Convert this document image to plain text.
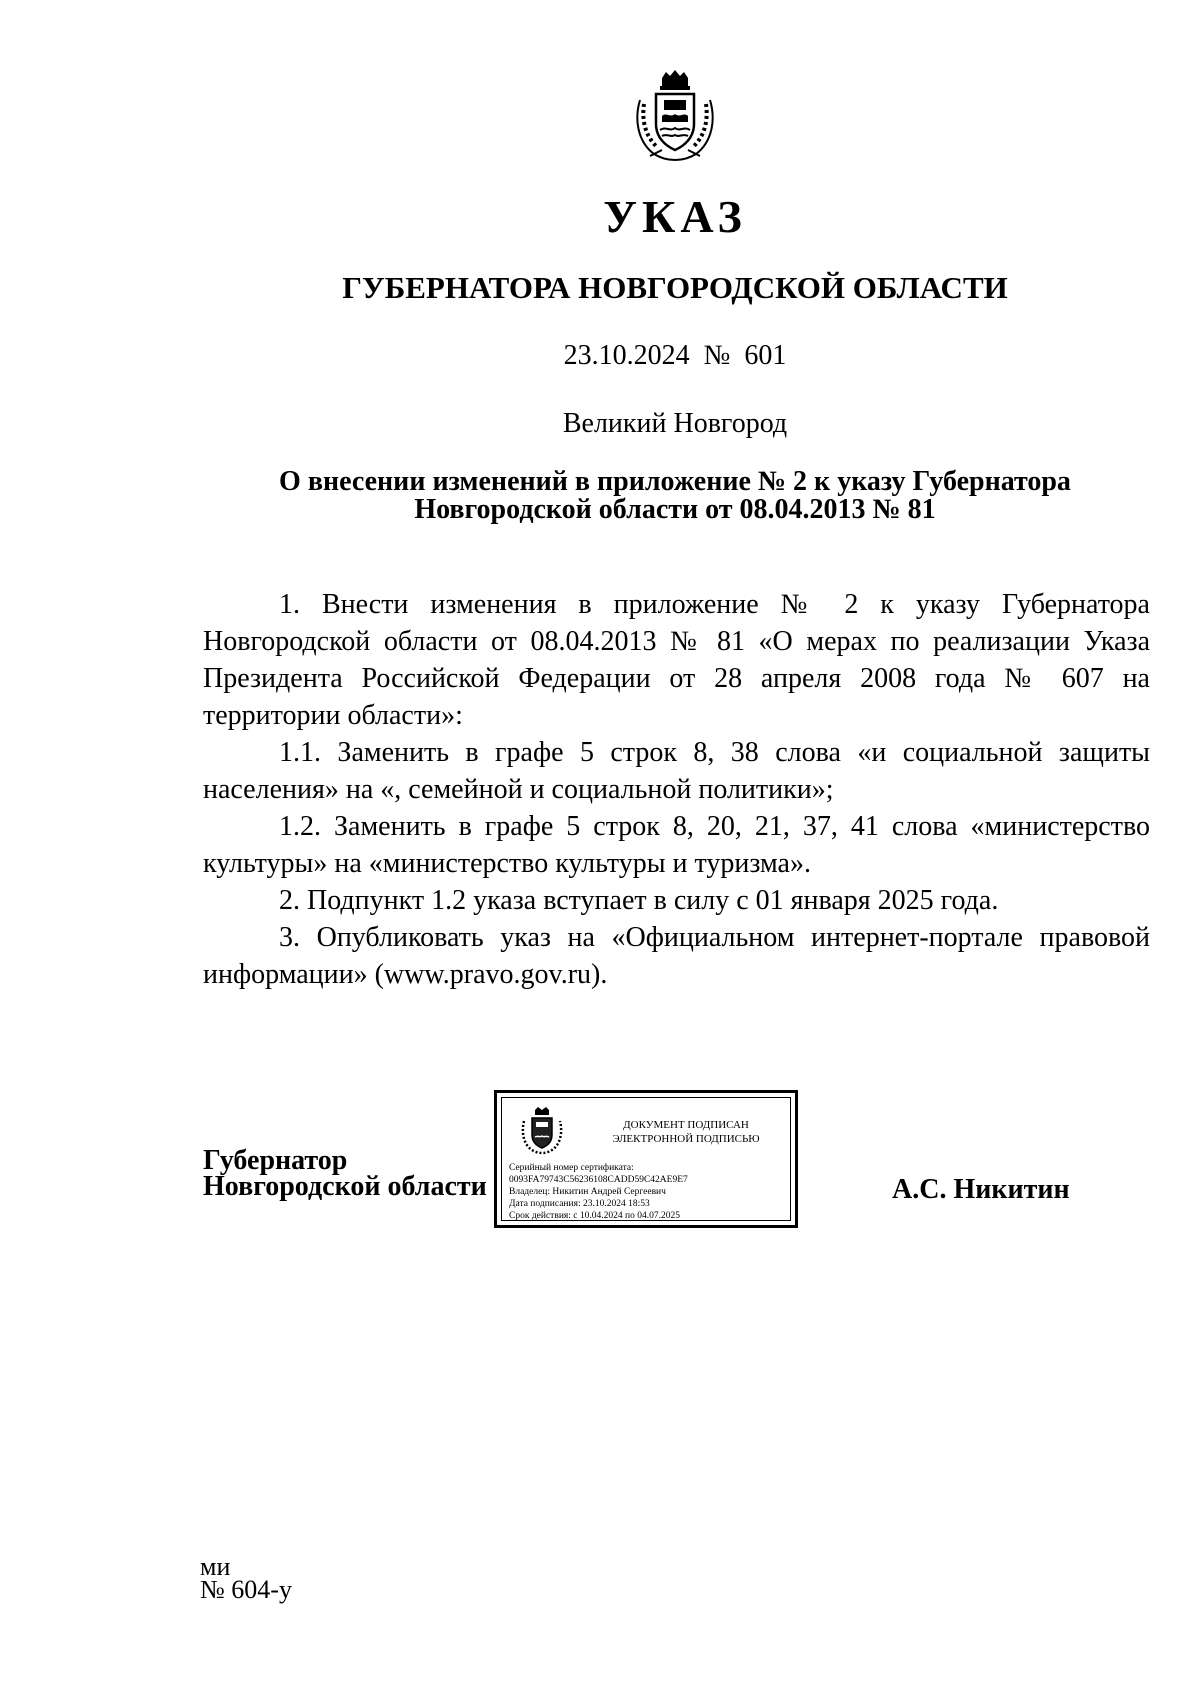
УКАЗ
ГУБЕРНАТОРА НОВГОРОДСКОЙ ОБЛАСТИ
23.10.2024  №  601
Великий Новгород
О внесении изменений в приложение № 2 к указу Губернатора
Новгородской области от 08.04.2013 № 81

1. Внести изменения в приложение № 2 к указу Губернатора Новгородской области от 08.04.2013 № 81 «О мерах по реализации Указа Президента Российской Федерации от 28 апреля 2008 года № 607 на территории области»:

1.1. Заменить в графе 5 строк 8, 38 слова «и социальной защиты населения» на «, семейной и социальной политики»;

1.2. Заменить в графе 5 строк 8, 20, 21, 37, 41 слова «министерство культуры» на «министерство культуры и туризма».

2. Подпункт 1.2 указа вступает в силу с 01 января 2025 года.

3. Опубликовать указ на «Официальном интернет-портале правовой информации» (www.pravo.gov.ru).

Губернатор
Новгородской области
ДОКУМЕНТ ПОДПИСАН
ЭЛЕКТРОННОЙ ПОДПИСЬЮ
Серийный номер сертификата:
0093FA79743C56236108CADD59C42AE9E7
Владелец: Никитин Андрей Сергеевич
Дата подписания: 23.10.2024 18:53
Срок действия: с 10.04.2024 по 04.07.2025
А.С. Никитин
ми
№ 604-у
